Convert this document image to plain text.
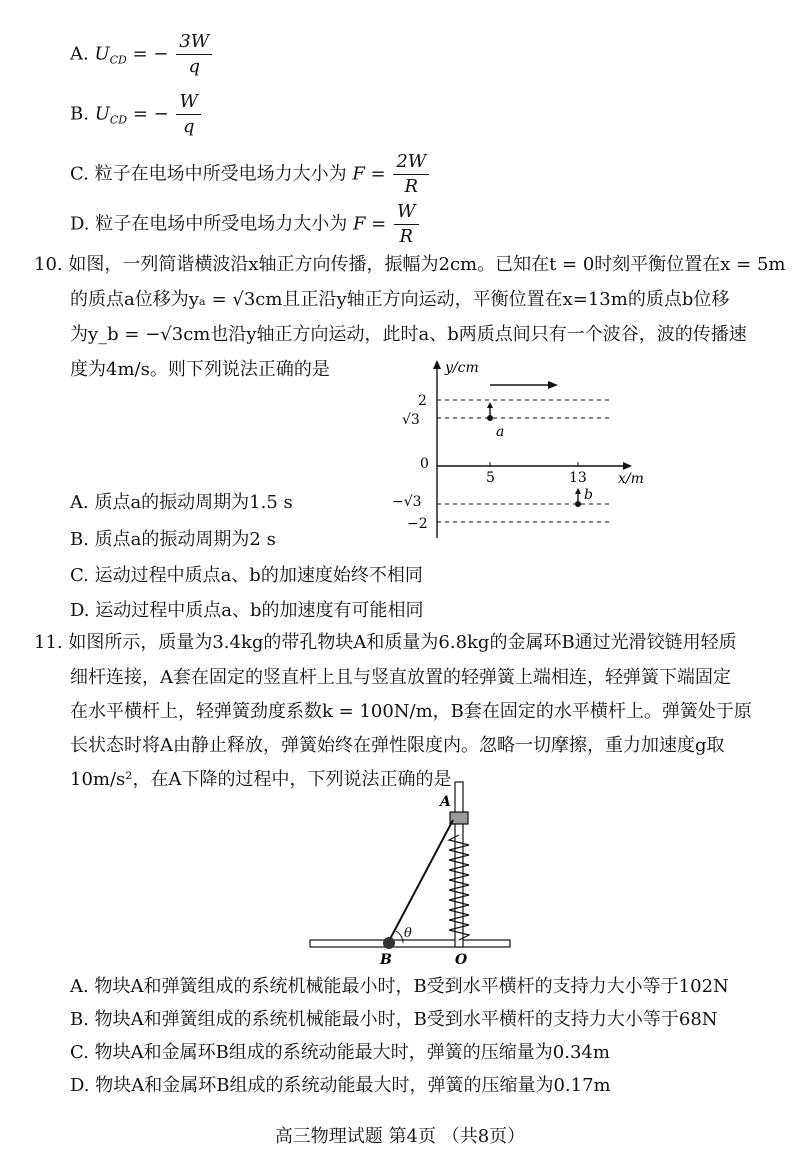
A. $U_{CD}$ = − $\frac{3W}{q}$
B. $U_{CD}$ = − $\frac{W}{q}$
C. 粒子在电场中所受电场力大小为 $F = \frac{2W}{R}$
D. 粒子在电场中所受电场力大小为 $F = \frac{W}{R}$
10. 如图，一列简谐横波沿x轴正方向传播，振幅为2cm。已知在t = 0时刻平衡位置在x = 5m
的质点a位移为yₐ = √3cm且正沿y轴正方向运动，平衡位置在x=13m的质点b位移
为y_b = −√3cm也沿y轴正方向运动，此时a、b两质点间只有一个波谷，波的传播速
度为4m/s。则下列说法正确的是	y/cm
x/m
2
√3
0
−√3
−2
5	13
a
b
A. 质点a的振动周期为1.5 s
B. 质点a的振动周期为2 s
C. 运动过程中质点a、b的加速度始终不相同
D. 运动过程中质点a、b的加速度有可能相同
11. 如图所示，质量为3.4kg的带孔物块A和质量为6.8kg的金属环B通过光滑铰链用轻质
细杆连接，A套在固定的竖直杆上且与竖直放置的轻弹簧上端相连，轻弹簧下端固定
在水平横杆上，轻弹簧劲度系数k = 100N/m，B套在固定的水平横杆上。弹簧处于原
长状态时将A由静止释放，弹簧始终在弹性限度内。忽略一切摩擦，重力加速度g取
10m/s²，在A下降的过程中，下列说法正确的是
θ
A
B	O
A. 物块A和弹簧组成的系统机械能最小时，B受到水平横杆的支持力大小等于102N
B. 物块A和弹簧组成的系统机械能最小时，B受到水平横杆的支持力大小等于68N
C. 物块A和金属环B组成的系统动能最大时，弹簧的压缩量为0.34m
D. 物块A和金属环B组成的系统动能最大时，弹簧的压缩量为0.17m
高三物理试题 第4页 （共8页）
